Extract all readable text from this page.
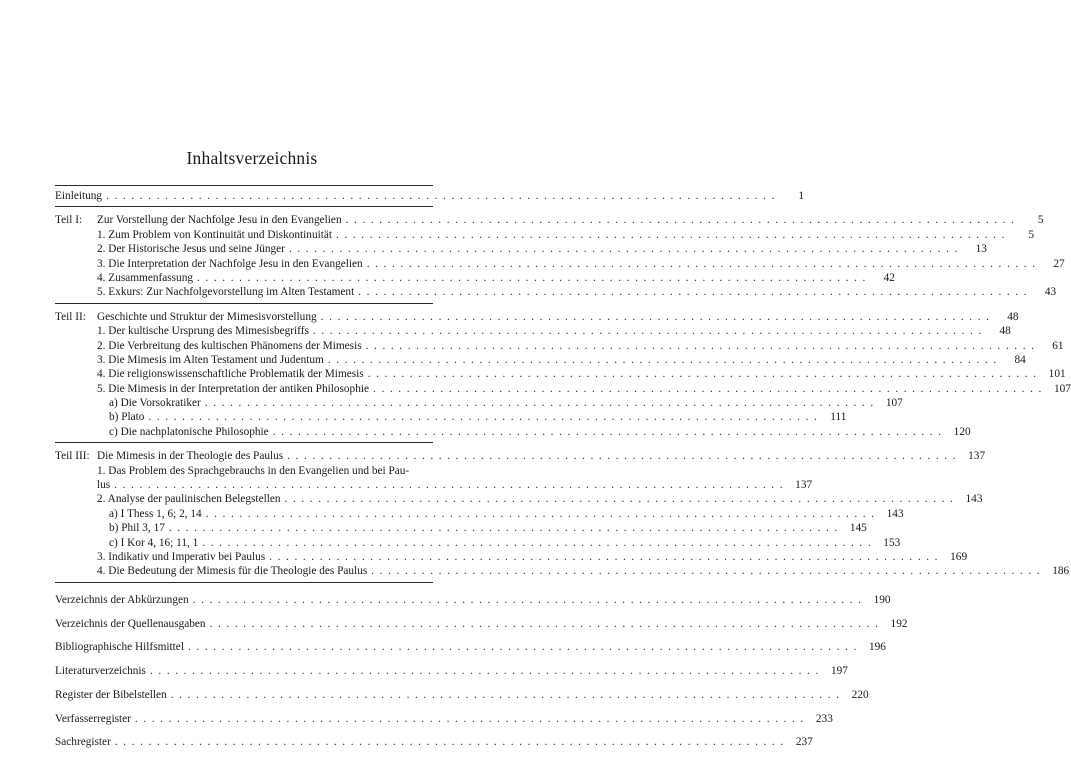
Inhaltsverzeichnis
Einleitung ................................................................................	1
Teil I:	Zur Vorstellung der Nachfolge Jesu in den Evangelien ................................................................................	5
1. Zum Problem von Kontinuität und Diskontinuität ................................................................................	5
2. Der Historische Jesus und seine Jünger ................................................................................	13
3. Die Interpretation der Nachfolge Jesu in den Evangelien ................................................................................	27
4. Zusammenfassung ................................................................................	42
5. Exkurs: Zur Nachfolgevorstellung im Alten Testament ................................................................................	43
Teil II: Geschichte und Struktur der Mimesisvorstellung ................................................................................	48
1. Der kultische Ursprung des Mimesisbegriffs ................................................................................	48
2. Die Verbreitung des kultischen Phänomens der Mimesis ................................................................................	61
3. Die Mimesis im Alten Testament und Judentum ................................................................................	84
4. Die religionswissenschaftliche Problematik der Mimesis ................................................................................ 101
5. Die Mimesis in der Interpretation der antiken Philosophie ................................................................................ 107
a) Die Vorsokratiker ................................................................................ 107
b) Plato ................................................................................ 111
c) Die nachplatonische Philosophie ................................................................................ 120
Teil III: Die Mimesis in der Theologie des Paulus ................................................................................ 137
1. Das Problem des Sprachgebrauchs in den Evangelien und bei Pau-
lus ................................................................................ 137
2. Analyse der paulinischen Belegstellen ................................................................................ 143
a) I Thess 1, 6; 2, 14 ................................................................................ 143
b) Phil 3, 17 ................................................................................ 145
c) I Kor 4, 16; 11, 1 ................................................................................ 153
3. Indikativ und Imperativ bei Paulus ................................................................................ 169
4. Die Bedeutung der Mimesis für die Theologie des Paulus ................................................................................ 186
Verzeichnis der Abkürzungen ................................................................................ 190
Verzeichnis der Quellenausgaben ................................................................................ 192
Bibliographische Hilfsmittel ................................................................................ 196
Literaturverzeichnis ................................................................................ 197
Register der Bibelstellen ................................................................................ 220
Verfasserregister ................................................................................ 233
Sachregister ................................................................................ 237
